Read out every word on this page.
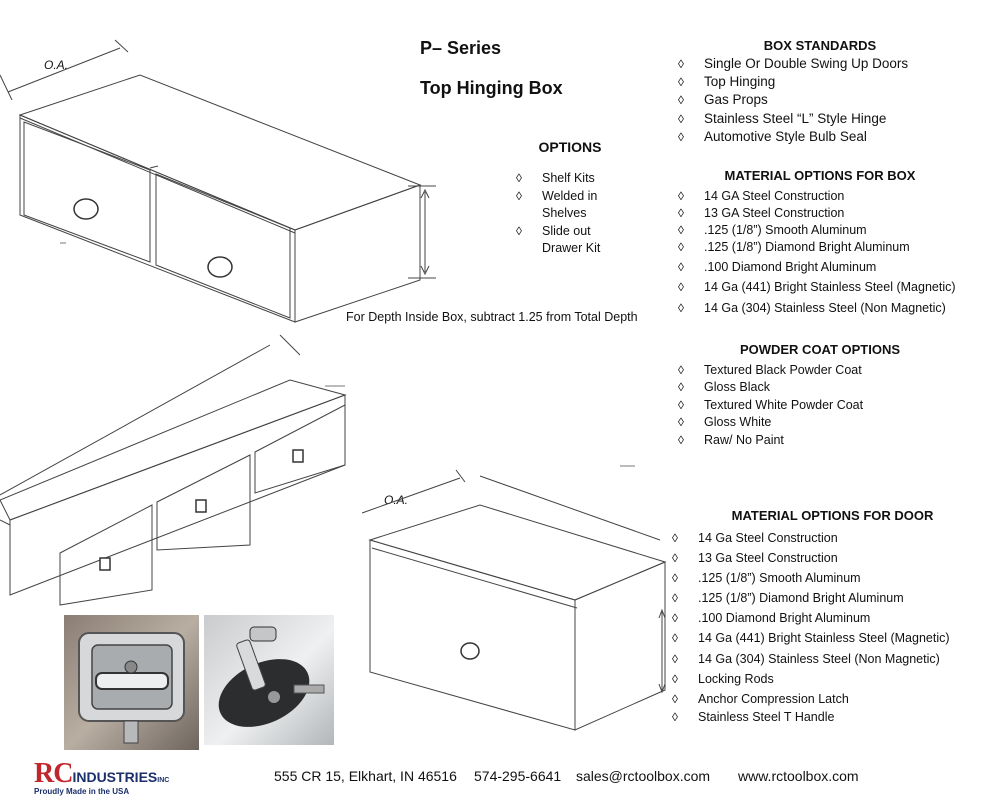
P– Series
Top Hinging Box
OPTIONS
◊ Shelf Kits
◊ Welded in Shelves
◊ Slide out Drawer Kit
For Depth Inside Box, subtract 1.25 from Total Depth
BOX STANDARDS
◊ Single Or Double Swing Up Doors
◊ Top Hinging
◊ Gas Props
◊ Stainless Steel “L” Style Hinge
◊ Automotive Style Bulb Seal
MATERIAL OPTIONS FOR BOX
◊ 14 GA Steel Construction
◊ 13 GA Steel Construction
◊ .125 (1/8”) Smooth Aluminum
◊ .125 (1/8”) Diamond Bright Aluminum
◊ .100 Diamond Bright Aluminum
◊ 14 Ga (441) Bright Stainless Steel (Magnetic)
◊ 14 Ga (304) Stainless Steel (Non Magnetic)
POWDER COAT OPTIONS
◊ Textured Black Powder Coat
◊ Gloss Black
◊ Textured White Powder Coat
◊ Gloss White
◊ Raw/ No Paint
MATERIAL OPTIONS FOR DOOR
◊ 14 Ga Steel Construction
◊ 13 Ga Steel Construction
◊ .125 (1/8”) Smooth Aluminum
◊ .125 (1/8”) Diamond Bright Aluminum
◊ .100 Diamond Bright Aluminum
◊ 14 Ga (441) Bright Stainless Steel (Magnetic)
◊ 14 Ga (304) Stainless Steel (Non Magnetic)
◊ Locking Rods
◊ Anchor Compression Latch
◊ Stainless Steel T Handle
O.A.
O.A.
RCINDUSTRIESINC
Proudly Made in the USA
555 CR 15, Elkhart, IN 46516 574-295-6641 sales@rctoolbox.com www.rctoolbox.com
